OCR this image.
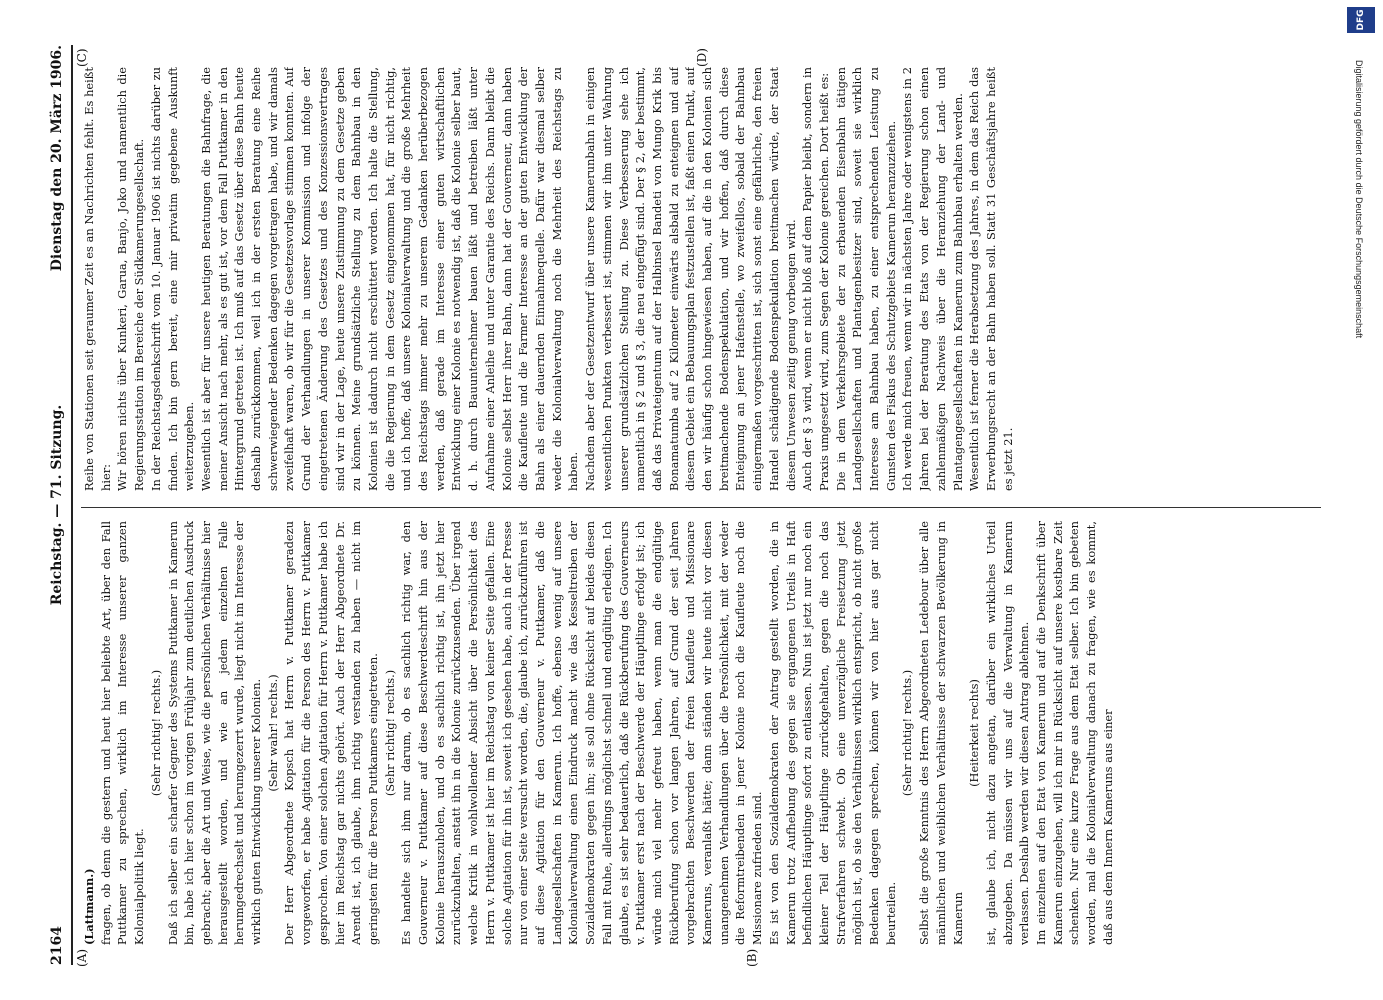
2164
Reichstag. — 71. Sitzung.
Dienstag den 20. März 1906.
(A)	(B)
(C)	(D)

(Lattmann.) fragen, ob denn die gestern und heut hier beliebte Art, über den Fall Puttkamer zu sprechen, wirklich im Interesse unserer ganzen Kolonialpolitik liegt.

(Sehr richtig! rechts.) Daß ich selber ein scharfer Gegner des Systems Puttkamer in Kamerun bin, habe ich hier schon im vorigen Frühjahr zum deutlichen Ausdruck gebracht; aber die Art und Weise, wie die persönlichen Verhältnisse hier herausgestellt worden, und wie an jedem einzelnen Falle herumgedrechselt und herumgezerrt wurde, liegt nicht im Interesse der wirklich guten Entwicklung unserer Kolonien. (Sehr wahr! rechts.) Der Herr Abgeordnete Kopsch hat Herrn v. Puttkamer geradezu vorgeworfen, er habe Agitation für die Person des Herrn v. Puttkamer gesprochen. Von einer solchen Agitation für Herrn v. Puttkamer habe ich hier im Reichstag gar nichts gehört. Auch der Herr Abgeordnete Dr. Arendt ist, ich glaube, ihm richtig verstanden zu haben — nicht im geringsten für die Person Puttkamers eingetreten. (Sehr richtig! rechts.) Es handelte sich ihm nur darum, ob es sachlich richtig war, den Gouverneur v. Puttkamer auf diese Beschwerdeschrift hin aus der Kolonie herauszuholen, und ob es sachlich richtig ist, ihn jetzt hier zurückzuhalten, anstatt ihn in die Kolonie zurückzusenden. Über irgend welche Kritik in wohlwollender Absicht über die Persönlichkeit des Herrn v. Puttkamer ist hier im Reichstag von keiner Seite gefallen. Eine solche Agitation für ihn ist, soweit ich gesehen habe, auch in der Presse nur von einer Seite versucht worden, die, glaube ich, zurückzuführen ist auf diese Agitation für den Gouverneur v. Puttkamer, daß die Landgesellschaften in Kamerun. Ich hoffe, ebenso wenig auf unsere Kolonialverwaltung einen Eindruck macht wie das Kesseltreiben der Sozialdemokraten gegen ihn; sie soll ohne Rücksicht auf beides diesen Fall mit Ruhe, allerdings möglichst schnell und endgültig erledigen. Ich glaube, es ist sehr bedauerlich, daß die Rückberufung des Gouverneurs v. Puttkamer erst nach der Beschwerde der Häuptlinge erfolgt ist; ich würde mich viel mehr gefreut haben, wenn man die endgültige Rückberufung schon vor langen Jahren, auf Grund der seit Jahren vorgebrachten Beschwerden der freien Kaufleute und Missionare Kameruns, veranlaßt hätte; dann ständen wir heute nicht vor diesen unangenehmen Verhandlungen über die Persönlichkeit, mit der weder die Reformtreibenden in jener Kolonie noch die Kaufleute noch die Missionare zufrieden sind. Es ist von den Sozialdemokraten der Antrag gestellt worden, die in Kamerun trotz Aufhebung des gegen sie ergangenen Urteils in Haft befindlichen Häuptlinge sofort zu entlassen. Nun ist jetzt nur noch ein kleiner Teil der Häuptlinge zurückgehalten, gegen die noch das Strafverfahren schwebt. Ob eine unverzügliche Freisetzung jetzt möglich ist, ob sie den Verhältnissen wirklich entspricht, ob nicht große Bedenken dagegen sprechen, können wir von hier aus gar nicht beurteilen.

(Sehr richtig! rechts.) Selbst die große Kenntnis des Herrn Abgeordneten Ledebour über alle männlichen und weiblichen Verhältnisse der schwarzen Bevölkerung in Kamerun

(Heiterkeit rechts) ist, glaube ich, nicht dazu angetan, darüber ein wirkliches Urteil abzugeben. Da müssen wir uns auf die Verwaltung in Kamerun verlassen. Deshalb werden wir diesen Antrag ablehnen. Im einzelnen auf den Etat von Kamerun und auf die Denkschrift über Kamerun einzugehen, will ich mir in Rücksicht auf unsere kostbare Zeit schenken. Nur eine kurze Frage aus dem Etat selber. Ich bin gebeten worden, mal die Kolonialverwaltung danach zu fragen, wie es kommt, daß aus dem Innern Kameruns aus einer

Reihe von Stationen seit geraumer Zeit es an Nachrichten fehlt. Es heißt hier: Wir hören nichts über Kunkeri, Garua, Banjo, Joko und namentlich die Regierungsstation im Bereiche der Südkamerungesellschaft. In der Reichstagsdenkschrift vom 10. Januar 1906 ist nichts darüber zu finden. Ich bin gern bereit, eine mir privatim gegebene Auskunft weiterzugeben. Wesentlich ist aber für unsere heutigen Beratungen die Bahnfrage, die meiner Ansicht nach mehr, als es gut ist, vor dem Fall Puttkamer in den Hintergrund getreten ist. Ich muß auf das Gesetz über diese Bahn heute deshalb zurückkommen, weil ich in der ersten Beratung eine Reihe schwerwiegender Bedenken dagegen vorgetragen habe, und wir damals zweifelhaft waren, ob wir für die Gesetzesvorlage stimmen konnten. Auf Grund der Verhandlungen in unserer Kommission und infolge der eingetretenen Änderung des Gesetzes und des Konzessionsvertrages sind wir in der Lage, heute unsere Zustimmung zu dem Gesetze geben zu können. Meine grundsätzliche Stellung zu dem Bahnbau in den Kolonien ist dadurch nicht erschüttert worden. Ich halte die Stellung, die die Regierung in dem Gesetz eingenommen hat, für nicht richtig, und ich hoffe, daß unsere Kolonialverwaltung und die große Mehrheit des Reichstags immer mehr zu unserem Gedanken herüberbezogen werden, daß gerade im Interesse einer guten wirtschaftlichen Entwicklung einer Kolonie es notwendig ist, daß die Kolonie selber baut, d. h. durch Bauunternehmer bauen läßt und betreiben läßt unter Aufnahme einer Anleihe und unter Garantie des Reichs. Dann bleibt die Kolonie selbst Herr ihrer Bahn, dann hat der Gouverneur, dann haben die Kaufleute und die Farmer Interesse an der guten Entwicklung der Bahn als einer dauernden Einnahmequelle. Dafür war diesmal selber weder die Kolonialverwaltung noch die Mehrheit des Reichstags zu haben. Nachdem aber der Gesetzentwurf über unsere Kamerunbahn in einigen wesentlichen Punkten verbessert ist, stimmen wir ihm unter Wahrung unserer grundsätzlichen Stellung zu. Diese Verbesserung sehe ich namentlich in § 2 und § 3, die neu eingefügt sind. Der § 2, der bestimmt, daß das Privateigentum auf der Halbinsel Bandeti von Mungo Krik bis Bonamatumba auf 2 Kilometer einwärts alsbald zu enteignen und auf diesem Gebiet ein Bebauungsplan festzustellen ist, faßt einen Punkt, auf den wir häufig schon hingewiesen haben, auf die in den Kolonien sich breitmachende Bodenspekulation, und wir hoffen, daß durch diese Enteignung an jener Hafenstelle, wo zweifellos, sobald der Bahnbau einigermaßen vorgeschritten ist, sich sonst eine gefährliche, den freien Handel schädigende Bodenspekulation breitmachen würde, der Staat diesem Unwesen zeitig genug vorbeugen wird. Auch der § 3 wird, wenn er nicht bloß auf dem Papier bleibt, sondern in Praxis umgesetzt wird, zum Segen der Kolonie gereichen. Dort heißt es: Die in dem Verkehrsgebiete der zu erbauenden Eisenbahn tätigen Landgesellschaften und Plantagenbesitzer sind, soweit sie wirklich Interesse am Bahnbau haben, zu einer entsprechenden Leistung zu Gunsten des Fiskus des Schutzgebiets Kamerun heranzuziehen. Ich werde mich freuen, wenn wir in nächsten Jahre oder wenigstens in 2 Jahren bei der Beratung des Etats von der Regierung schon einen zahlenmäßigen Nachweis über die Heranziehung der Land- und Plantagengesellschaften in Kamerun zum Bahnbau erhalten werden. Wesentlich ist ferner die Herabsetzung des Jahres, in dem das Reich das Erwerbungsrecht an der Bahn haben soll. Statt 31 Geschäftsjahre heißt es jetzt 21.

DFG
Digitalisierung gefördert durch die Deutsche Forschungsgemeinschaft
